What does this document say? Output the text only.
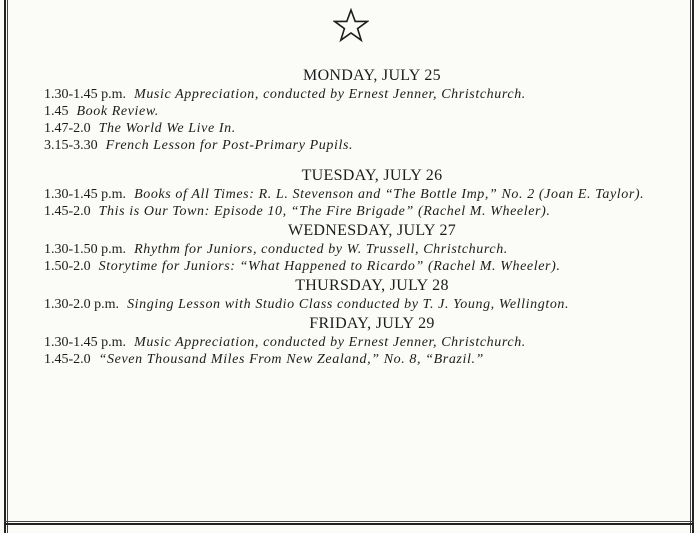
MONDAY, JULY 25

1.30-1.45 p.m. Music Appreciation, conducted by Ernest Jenner, Christchurch.

1.45 Book Review.

1.47-2.0 The World We Live In.

3.15-3.30 French Lesson for Post-Primary Pupils.

TUESDAY, JULY 26

1.30-1.45 p.m. Books of All Times: R. L. Stevenson and “The Bottle Imp,” No. 2 (Joan E. Taylor).

1.45-2.0 This is Our Town: Episode 10, “The Fire Brigade” (Rachel M. Wheeler).

WEDNESDAY, JULY 27

1.30-1.50 p.m. Rhythm for Juniors, conducted by W. Trussell, Christchurch.

1.50-2.0 Storytime for Juniors: “What Happened to Ricardo” (Rachel M. Wheeler).

THURSDAY, JULY 28

1.30-2.0 p.m. Singing Lesson with Studio Class conducted by T. J. Young, Wellington.

FRIDAY, JULY 29

1.30-1.45 p.m. Music Appreciation, conducted by Ernest Jenner, Christchurch.

1.45-2.0 “Seven Thousand Miles From New Zealand,” No. 8, “Brazil.”
